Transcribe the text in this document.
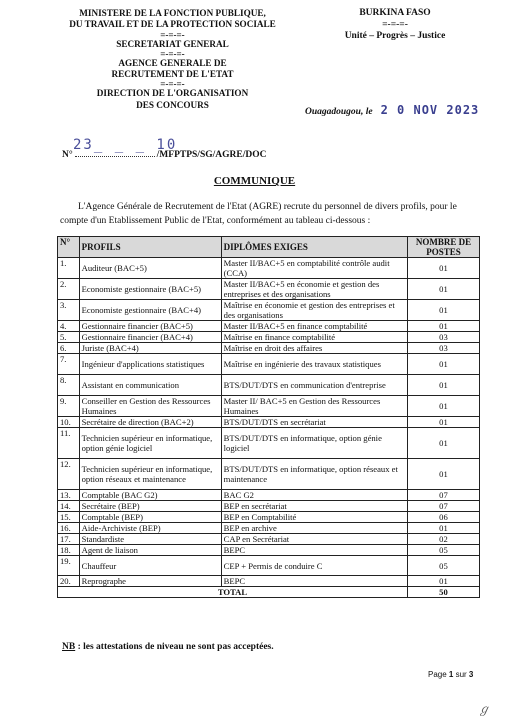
MINISTERE DE LA FONCTION PUBLIQUE,
DU TRAVAIL ET DE LA PROTECTION SOCIALE
=-=-=-
SECRETARIAT GENERAL
=-=-=-
AGENCE GENERALE DE
RECRUTEMENT DE L'ETAT
=-=-=-
DIRECTION DE L'ORGANISATION
DES CONCOURS
BURKINA FASO
=-=-=-
Unité – Progrès – Justice
Ouagadougou, le 2 0 NOV 2023
23_ _ _ 10
N°	/MFPTPS/SG/AGRE/DOC
COMMUNIQUE
L'Agence Générale de Recrutement de l'Etat (AGRE) recrute du personnel de divers profils, pour le compte d'un Etablissement Public de l'Etat, conformément au tableau ci-dessous :
N°	PROFILS	DIPLÔMES EXIGES	NOMBRE DE POSTES
1.	Auditeur (BAC+5)	Master II/BAC+5 en comptabilité contrôle audit (CCA)	01
2.	Economiste gestionnaire (BAC+5)	Master II/BAC+5 en économie et gestion des entreprises et des organisations	01
3.	Economiste gestionnaire (BAC+4)	Maîtrise en économie et gestion des entreprises et des organisations	01
4.	Gestionnaire financier (BAC+5)	Master II/BAC+5 en finance comptabilité	01
5.	Gestionnaire financier (BAC+4)	Maîtrise en finance comptabilité	03
6.	Juriste (BAC+4)	Maîtrise en droit des affaires	03
7.	Ingénieur d'applications statistiques	Maîtrise en ingénierie des travaux statistiques	01
8.	Assistant en communication	BTS/DUT/DTS en communication d'entreprise	01
9.	Conseiller en Gestion des Ressources Humaines	Master II/ BAC+5 en Gestion des Ressources Humaines	01
10.	Secrétaire de direction (BAC+2)	BTS/DUT/DTS en secrétariat	01
11.	Technicien supérieur en informatique, option génie logiciel	BTS/DUT/DTS en informatique, option génie logiciel	01
12.	Technicien supérieur en informatique, option réseaux et maintenance	BTS/DUT/DTS en informatique, option réseaux et maintenance	01
13.	Comptable (BAC G2)	BAC G2	07
14.	Secrétaire (BEP)	BEP en secrétariat	07
15.	Comptable (BEP)	BEP en Comptabilité	06
16.	Aide-Archiviste (BEP)	BEP en archive	01
17.	Standardiste	CAP en Secrétariat	02
18.	Agent de liaison	BEPC	05
19.	Chauffeur	CEP + Permis de conduire C	05
20.	Reprographe	BEPC	01
TOTAL			50
NB : les attestations de niveau ne sont pas acceptées.
Page 1 sur 3
ℊ
